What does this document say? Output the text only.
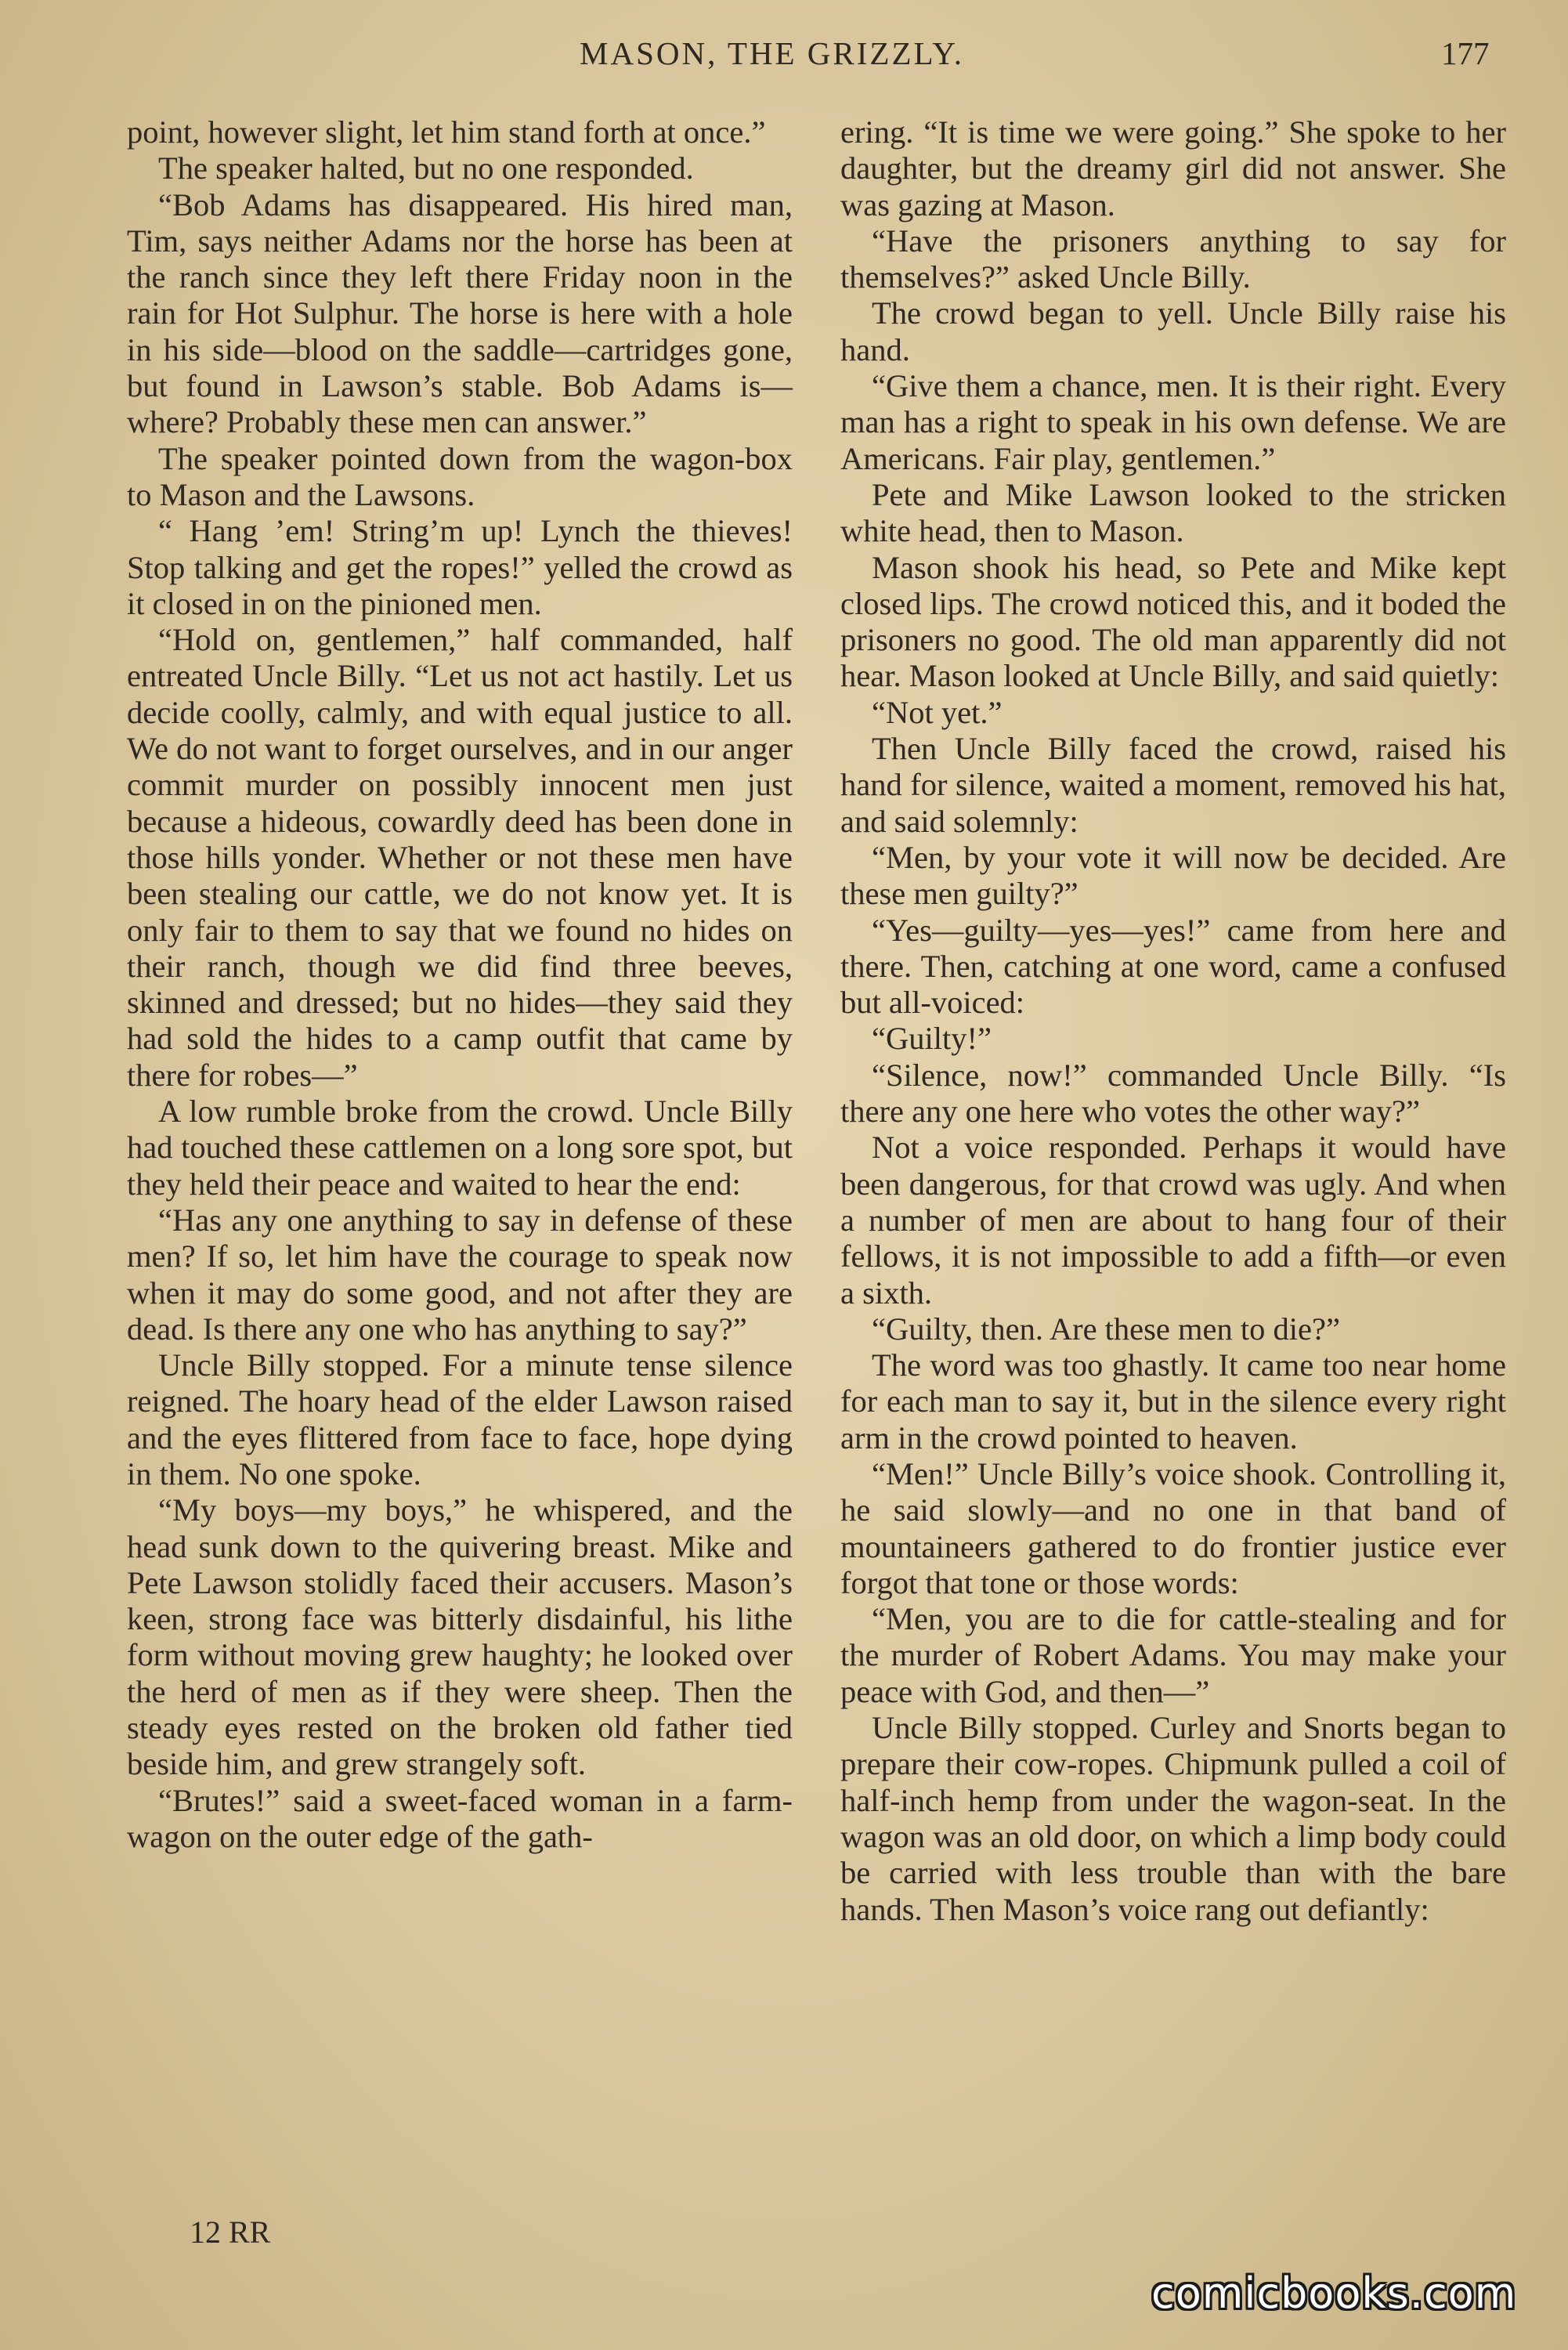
MASON, THE GRIZZLY.	177

point, however slight, let him stand forth at once.”

The speaker halted, but no one responded.

“Bob Adams has disappeared. His hired man, Tim, says neither Adams nor the horse has been at the ranch since they left there Friday noon in the rain for Hot Sulphur. The horse is here with a hole in his side—blood on the saddle—cartridges gone, but found in Lawson’s stable. Bob Adams is—where? Probably these men can answer.”

The speaker pointed down from the wagon-box to Mason and the Lawsons.

“ Hang ’em! String’m up! Lynch the thieves! Stop talking and get the ropes!” yelled the crowd as it closed in on the pinioned men.

“Hold on, gentlemen,” half commanded, half entreated Uncle Billy. “Let us not act hastily. Let us decide coolly, calmly, and with equal justice to all. We do not want to forget ourselves, and in our anger commit murder on possibly innocent men just because a hideous, cowardly deed has been done in those hills yonder. Whether or not these men have been stealing our cattle, we do not know yet. It is only fair to them to say that we found no hides on their ranch, though we did find three beeves, skinned and dressed; but no hides—they said they had sold the hides to a camp outfit that came by there for robes—”

A low rumble broke from the crowd. Uncle Billy had touched these cattlemen on a long sore spot, but they held their peace and waited to hear the end:

“Has any one anything to say in defense of these men? If so, let him have the courage to speak now when it may do some good, and not after they are dead. Is there any one who has anything to say?”

Uncle Billy stopped. For a minute tense silence reigned. The hoary head of the elder Lawson raised and the eyes flittered from face to face, hope dying in them. No one spoke.

“My boys—my boys,” he whispered, and the head sunk down to the quivering breast. Mike and Pete Lawson stolidly faced their accusers. Mason’s keen, strong face was bitterly disdainful, his lithe form without moving grew haughty; he looked over the herd of men as if they were sheep. Then the steady eyes rested on the broken old father tied beside him, and grew strangely soft.

“Brutes!” said a sweet-faced woman in a farm-wagon on the outer edge of the gath-

ering. “It is time we were going.” She spoke to her daughter, but the dreamy girl did not answer. She was gazing at Mason.

“Have the prisoners anything to say for themselves?” asked Uncle Billy.

The crowd began to yell. Uncle Billy raise his hand.

“Give them a chance, men. It is their right. Every man has a right to speak in his own defense. We are Americans. Fair play, gentlemen.”

Pete and Mike Lawson looked to the stricken white head, then to Mason.

Mason shook his head, so Pete and Mike kept closed lips. The crowd noticed this, and it boded the prisoners no good. The old man apparently did not hear. Mason looked at Uncle Billy, and said quietly:

“Not yet.”

Then Uncle Billy faced the crowd, raised his hand for silence, waited a moment, removed his hat, and said solemnly:

“Men, by your vote it will now be decided. Are these men guilty?”

“Yes—guilty—yes—yes!” came from here and there. Then, catching at one word, came a confused but all-voiced:

“Guilty!”

“Silence, now!” commanded Uncle Billy. “Is there any one here who votes the other way?”

Not a voice responded. Perhaps it would have been dangerous, for that crowd was ugly. And when a number of men are about to hang four of their fellows, it is not impossible to add a fifth—or even a sixth.

“Guilty, then. Are these men to die?”

The word was too ghastly. It came too near home for each man to say it, but in the silence every right arm in the crowd pointed to heaven.

“Men!” Uncle Billy’s voice shook. Controlling it, he said slowly—and no one in that band of mountaineers gathered to do frontier justice ever forgot that tone or those words:

“Men, you are to die for cattle-stealing and for the murder of Robert Adams. You may make your peace with God, and then—”

Uncle Billy stopped. Curley and Snorts began to prepare their cow-ropes. Chipmunk pulled a coil of half-inch hemp from under the wagon-seat. In the wagon was an old door, on which a limp body could be carried with less trouble than with the bare hands. Then Mason’s voice rang out defiantly:

12 RR
comicbooks.com
